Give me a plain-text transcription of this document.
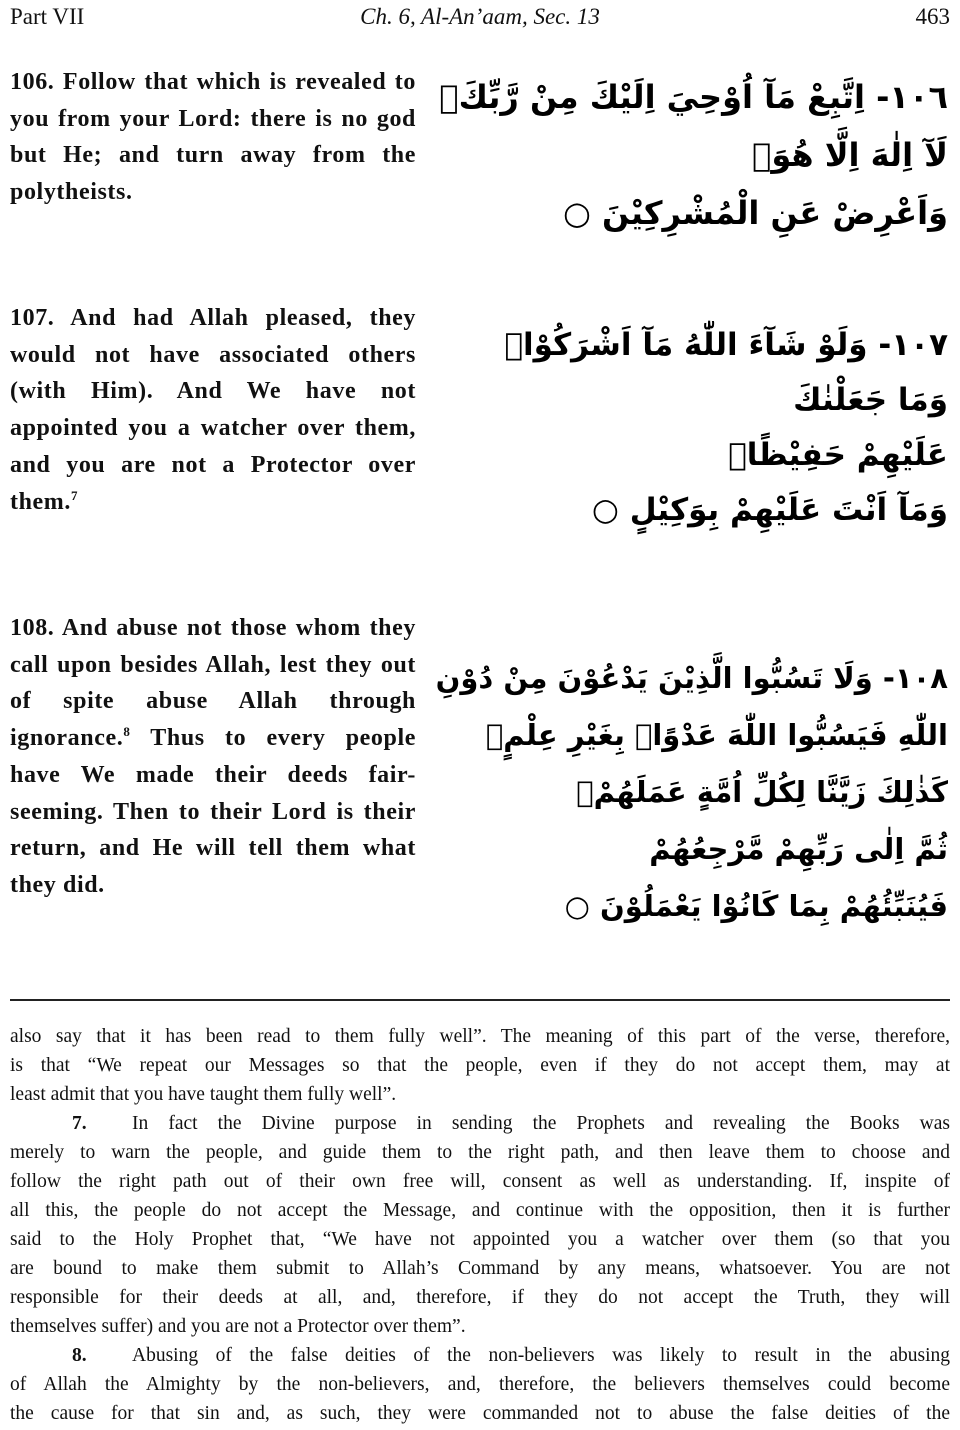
Part VII	Ch. 6, Al-An’aam, Sec. 13	463
106. Follow that which is revealed to you from your Lord: there is no god but He; and turn away from the polytheists.
١٠٦- اِتَّبِعْ مَآ اُوْحِيَ اِلَيْكَ مِنْ رَّبِّكَۚ
لَآ اِلٰهَ اِلَّا هُوَۚ
وَاَعْرِضْ عَنِ الْمُشْرِكِيْنَ ○
107. And had Allah pleased, they would not have associated others (with Him). And We have not appointed you a watcher over them, and you are not a Protector over them.$^7$
١٠٧- وَلَوْ شَآءَ اللّٰهُ مَآ اَشْرَكُوْاۗ
وَمَا جَعَلْنٰكَ
عَلَيْهِمْ حَفِيْظًاۚ
وَمَآ اَنْتَ عَلَيْهِمْ بِوَكِيْلٍ ○
108. And abuse not those whom they call upon besides Allah, lest they out of spite abuse Allah through ignorance.$^8$ Thus to every people have We made their deeds fair-seeming. Then to their Lord is their return, and He will tell them what they did.
١٠٨- وَلَا تَسُبُّوا الَّذِيْنَ يَدْعُوْنَ مِنْ دُوْنِ
اللّٰهِ فَيَسُبُّوا اللّٰهَ عَدْوًاۢ بِغَيْرِ عِلْمٍۗ
كَذٰلِكَ زَيَّنَّا لِكُلِّ اُمَّةٍ عَمَلَهُمْۖ
ثُمَّ اِلٰى رَبِّهِمْ مَّرْجِعُهُمْ
فَيُنَبِّئُهُمْ بِمَا كَانُوْا يَعْمَلُوْنَ ○

also say that it has been read to them fully well”. The meaning of this part of the verse, therefore,

is that “We repeat our Messages so that the people, even if they do not accept them, may at

least admit that you have taught them fully well”.

7. In fact the Divine purpose in sending the Prophets and revealing the Books was

merely to warn the people, and guide them to the right path, and then leave them to choose and

follow the right path out of their own free will, consent as well as understanding. If, inspite of

all this, the people do not accept the Message, and continue with the opposition, then it is further

said to the Holy Prophet that, “We have not appointed you a watcher over them (so that you

are bound to make them submit to Allah’s Command by any means, whatsoever. You are not

responsible for their deeds at all, and, therefore, if they do not accept the Truth, they will

themselves suffer) and you are not a Protector over them”.

8. Abusing of the false deities of the non-believers was likely to result in the abusing

of Allah the Almighty by the non-believers, and, therefore, the believers themselves could become

the cause for that sin and, as such, they were commanded not to abuse the false deities of the
